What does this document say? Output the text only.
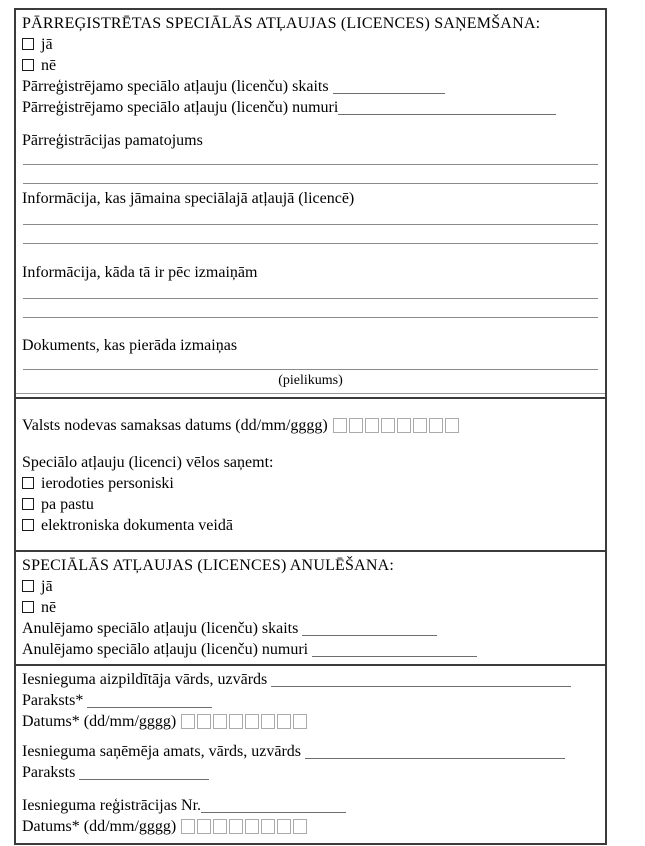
PĀRREĢISTRĒTAS SPECIĀLĀS ATĻAUJAS (LICENCES) SAŅEMŠANA:

jā

nē

Pārreģistrējamo speciālo atļauju (licenču) skaits

Pārreģistrējamo speciālo atļauju (licenču) numuri

Pārreģistrācijas pamatojums

Informācija, kas jāmaina speciālajā atļaujā (licencē)

Informācija, kāda tā ir pēc izmaiņām

Dokuments, kas pierāda izmaiņas

(pielikums)

Valsts nodevas samaksas datums (dd/mm/gggg)

Speciālo atļauju (licenci) vēlos saņemt:

ierodoties personiski

pa pastu

elektroniska dokumenta veidā

SPECIĀLĀS ATĻAUJAS (LICENCES) ANULĒŠANA:

jā

nē

Anulējamo speciālo atļauju (licenču) skaits

Anulējamo speciālo atļauju (licenču) numuri

Iesnieguma aizpildītāja vārds, uzvārds

Paraksts*

Datums* (dd/mm/gggg)

Iesnieguma saņēmēja amats, vārds, uzvārds

Paraksts

Iesnieguma reģistrācijas Nr.

Datums* (dd/mm/gggg)
